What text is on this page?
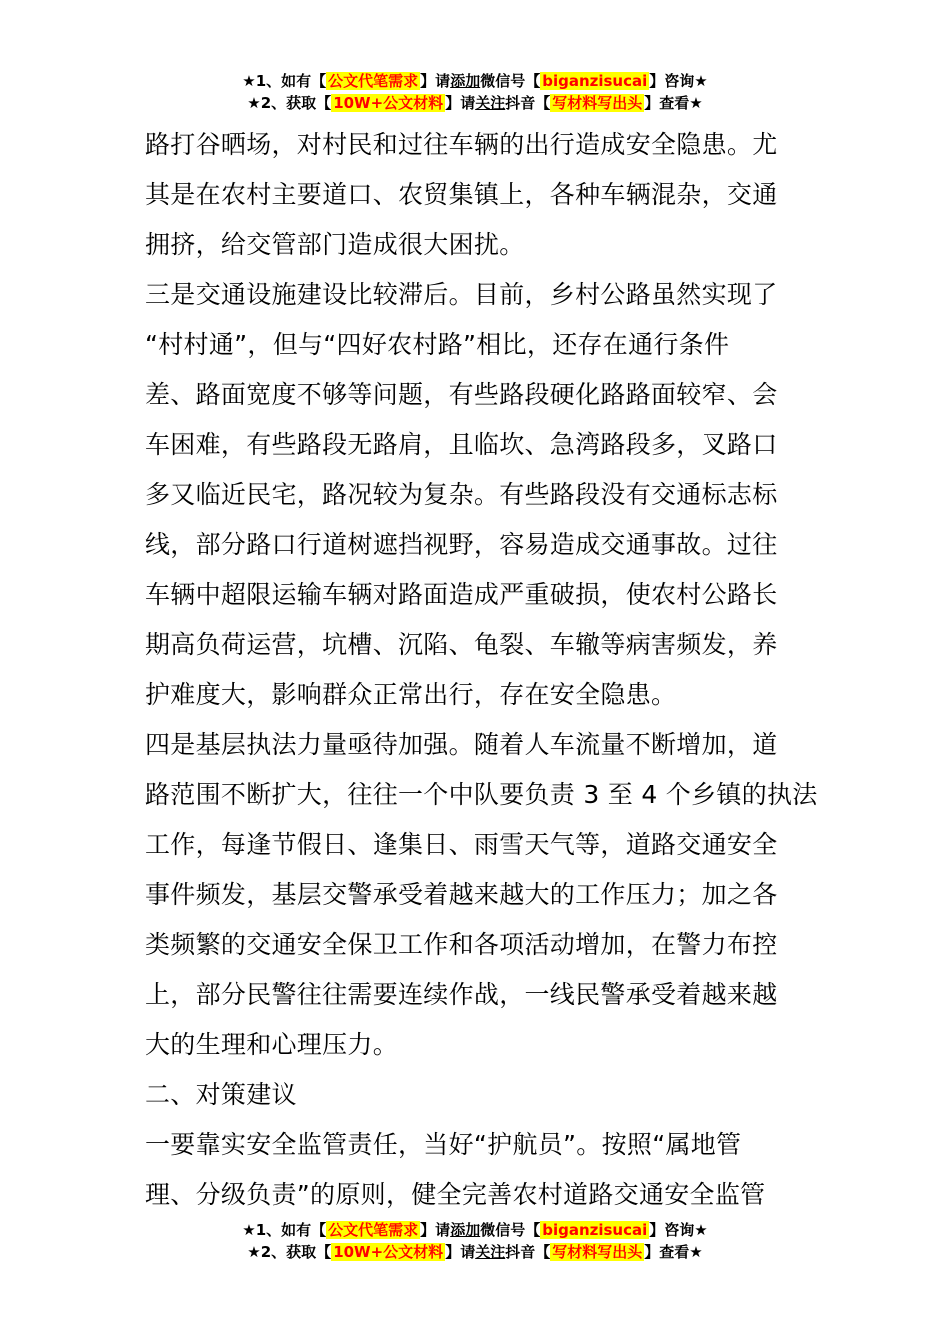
★1、如有【 公文代笔需求 】请添加微信号【 biganzisucai 】咨询★
★2、获取【 10W+公文材料 】请关注抖音【 写材料写出头 】查看★
路打谷晒场，对村民和过往车辆的出行造成安全隐患。尤
其是在农村主要道口、农贸集镇上，各种车辆混杂，交通
拥挤，给交管部门造成很大困扰。
三是交通设施建设比较滞后。目前，乡村公路虽然实现了
“村村通”，但与“四好农村路”相比，还存在通行条件
差、路面宽度不够等问题，有些路段硬化路路面较窄、会
车困难，有些路段无路肩，且临坎、急湾路段多，叉路口
多又临近民宅，路况较为复杂。有些路段没有交通标志标
线，部分路口行道树遮挡视野，容易造成交通事故。过往
车辆中超限运输车辆对路面造成严重破损，使农村公路长
期高负荷运营，坑槽、沉陷、龟裂、车辙等病害频发，养
护难度大，影响群众正常出行，存在安全隐患。
四是基层执法力量亟待加强。随着人车流量不断增加，道
路范围不断扩大，往往一个中队要负责 3 至 4 个乡镇的执法
工作，每逢节假日、逢集日、雨雪天气等，道路交通安全
事件频发，基层交警承受着越来越大的工作压力；加之各
类频繁的交通安全保卫工作和各项活动增加，在警力布控
上，部分民警往往需要连续作战，一线民警承受着越来越
大的生理和心理压力。
二、对策建议
一要靠实安全监管责任，当好“护航员”。按照“属地管
理、分级负责”的原则，健全完善农村道路交通安全监管
★1、如有【 公文代笔需求 】请添加微信号【 biganzisucai 】咨询★
★2、获取【 10W+公文材料 】请关注抖音【 写材料写出头 】查看★
